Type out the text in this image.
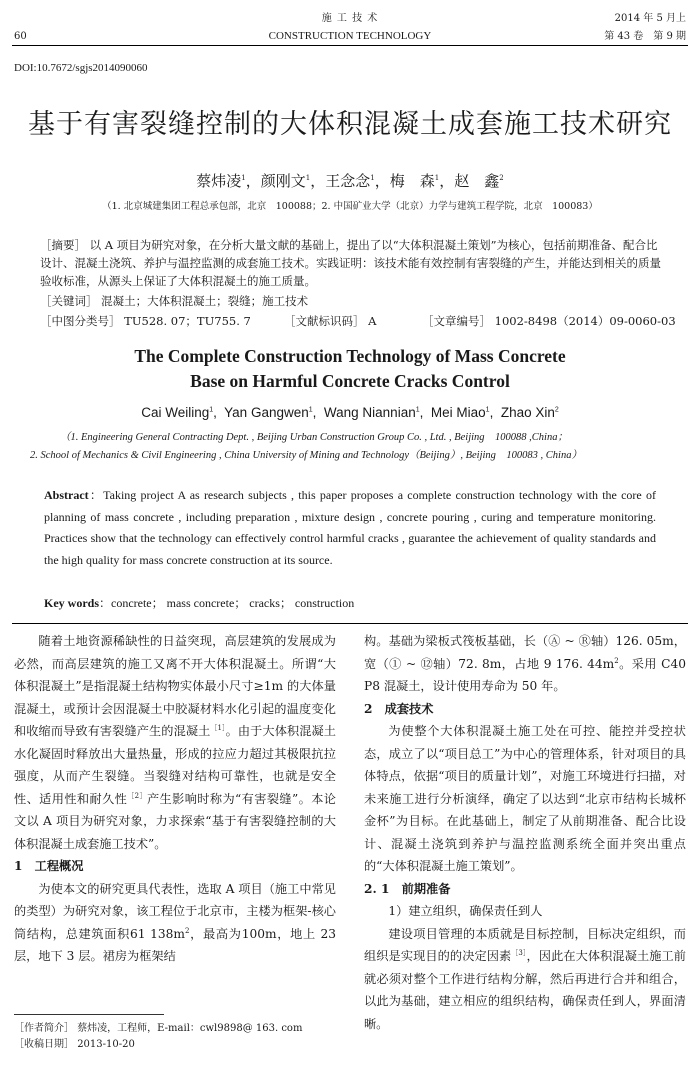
60
施 工 技 术
CONSTRUCTION TECHNOLOGY
2014 年 5 月上
第 43 卷　第 9 期
DOI:10.7672/sgjs2014090060
基于有害裂缝控制的大体积混凝土成套施工技术研究
蔡炜凌$^1$，颜刚文$^1$，王念念$^1$，梅　森$^1$，赵　鑫$^2$
（1. 北京城建集团工程总承包部，北京　100088；2. 中国矿业大学（北京）力学与建筑工程学院，北京　100083）
［摘要］ 以 A 项目为研究对象，在分析大量文献的基础上，提出了以“大体积混凝土策划”为核心，包括前期准备、配合比设计、混凝土浇筑、养护与温控监测的成套施工技术。实践证明：该技术能有效控制有害裂缝的产生，并能达到相关的质量验收标准，从源头上保证了大体积混凝土的施工质量。
［关键词］ 混凝土；大体积混凝土；裂缝；施工技术
［中图分类号］ TU528. 07；TU755. 7	［文献标识码］ A	［文章编号］ 1002-8498（2014）09-0060-03
The Complete Construction Technology of Mass Concrete
Base on Harmful Concrete Cracks Control
Cai Weiling$^1$,  Yan Gangwen$^1$,  Wang Niannian$^1$,  Mei Miao$^1$,  Zhao Xin$^2$
（1. Engineering General Contracting Dept. , Beijing Urban Construction Group Co. , Ltd. , Beijing　100088 ,China；
2. School of Mechanics & Civil Engineering , China University of Mining and Technology（Beijing）, Beijing　100083 , China）
Abstract：Taking project A as research subjects , this paper proposes a complete construction technology with the core of planning of mass concrete , including preparation , mixture design , concrete pouring , curing and temperature monitoring. Practices show that the technology can effectively control harmful cracks , guarantee the achievement of quality standards and the high quality for mass concrete construction at its source.
Key words：concrete； mass concrete； cracks； construction

随着土地资源稀缺性的日益突现，高层建筑的发展成为必然，而高层建筑的施工又离不开大体积混凝土。所谓“大体积混凝土”是指混凝土结构物实体最小尺寸≥1m 的大体量混凝土，或预计会因混凝土中胶凝材料水化引起的温度变化和收缩而导致有害裂缝产生的混凝土$^{[1]}$。由于大体积混凝土水化凝固时释放出大量热量，形成的拉应力超过其极限抗拉强度，从而产生裂缝。当裂缝对结构可靠性，也就是安全性、适用性和耐久性$^{[2]}$产生影响时称为“有害裂缝”。本论文以 A 项目为研究对象，力求探索“基于有害裂缝控制的大体积混凝土成套施工技术”。

1　工程概况

为使本文的研究更具代表性，选取 A 项目（施工中常见的类型）为研究对象，该工程位于北京市，主楼为框架-核心筒结构，总建筑面积61 $138m^2$，最高为100m，地上 23 层，地下 3 层。裙房为框架结

［作者简介］ 蔡炜凌，工程师，E-mail：cwl9898@ 163. com
［收稿日期］ 2013-10-20

构。基础为梁板式筏板基础，长（Ⓐ ~ Ⓡ轴）126. 05m，宽（① ~ ⑫轴）72. 8m，占地 9 176. $44m^2$。采用 C40 P8 混凝土，设计使用寿命为 50 年。

2　成套技术

为使整个大体积混凝土施工处在可控、能控并受控状态，成立了以“项目总工”为中心的管理体系，针对项目的具体特点，依据“项目的质量计划”，对施工环境进行扫描，对未来施工进行分析演绎，确定了以达到“北京市结构长城杯金杯”为目标。在此基础上，制定了从前期准备、配合比设计、混凝土浇筑到养护与温控监测系统全面并突出重点的“大体积混凝土施工策划”。

2. 1　前期准备
1）建立组织，确保责任到人

建设项目管理的本质就是目标控制，目标决定组织，而组织是实现目的的决定因素$^{[3]}$，因此在大体积混凝土施工前就必须对整个工作进行结构分解，然后再进行合并和组合，以此为基础，建立相应的组织结构，确保责任到人，界面清晰。
